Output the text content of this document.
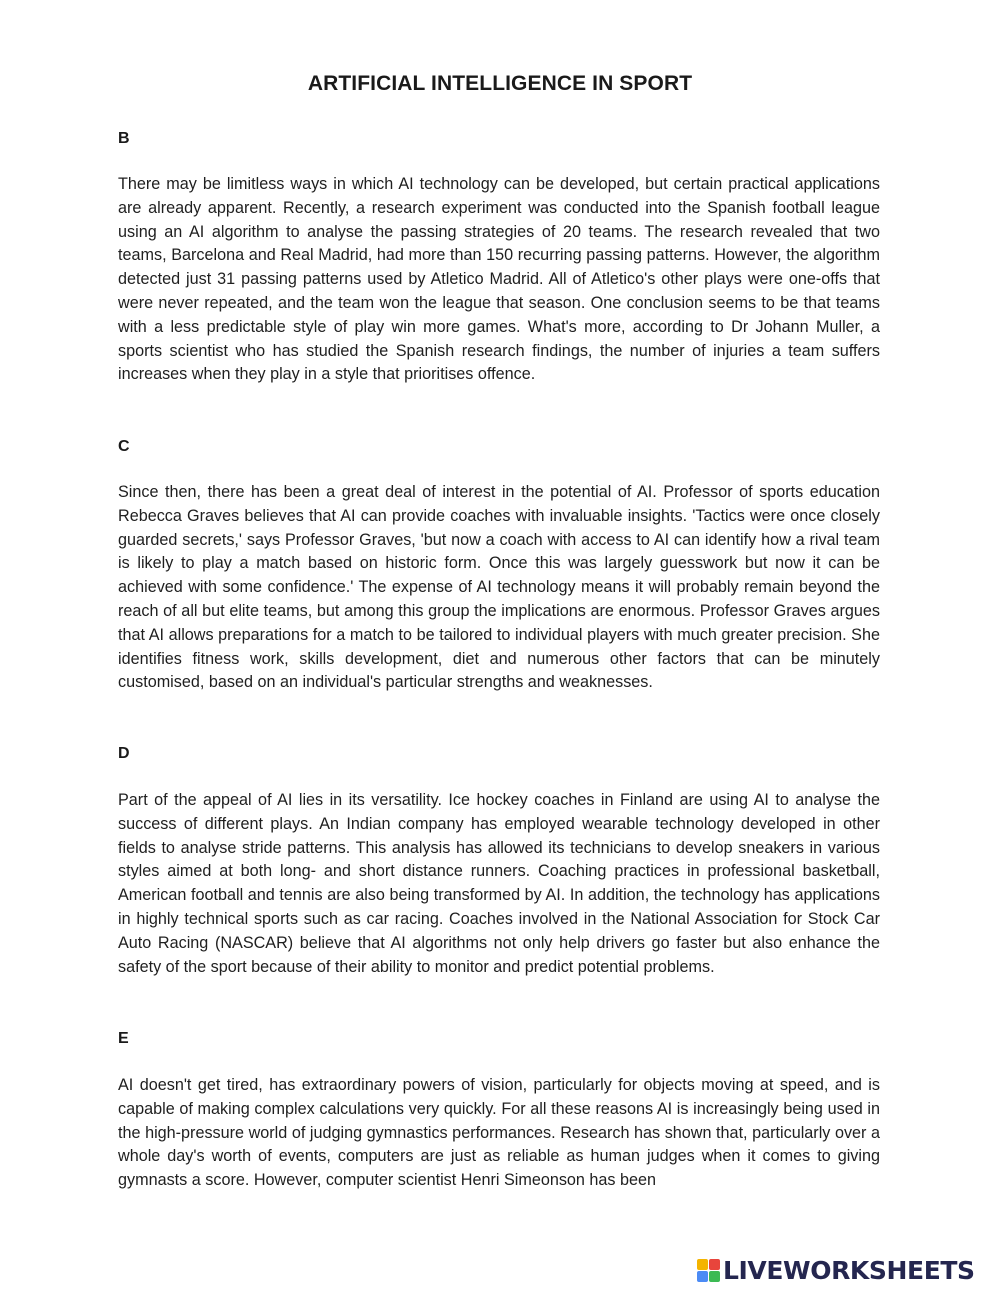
ARTIFICIAL INTELLIGENCE IN SPORT
B

There may be limitless ways in which AI technology can be developed, but certain practical applications are already apparent. Recently, a research experiment was conducted into the Spanish football league using an AI algorithm to analyse the passing strategies of 20 teams. The research revealed that two teams, Barcelona and Real Madrid, had more than 150 recurring passing patterns. However, the algorithm detected just 31 passing patterns used by Atletico Madrid. All of Atletico's other plays were one-offs that were never repeated, and the team won the league that season. One conclusion seems to be that teams with a less predictable style of play win more games. What's more, according to Dr Johann Muller, a sports scientist who has studied the Spanish research findings, the number of injuries a team suffers increases when they play in a style that prioritises offence.

C

Since then, there has been a great deal of interest in the potential of AI. Professor of sports education Rebecca Graves believes that AI can provide coaches with invaluable insights. 'Tactics were once closely guarded secrets,' says Professor Graves, 'but now a coach with access to AI can identify how a rival team is likely to play a match based on historic form. Once this was largely guesswork but now it can be achieved with some confidence.' The expense of AI technology means it will probably remain beyond the reach of all but elite teams, but among this group the implications are enormous. Professor Graves argues that AI allows preparations for a match to be tailored to individual players with much greater precision. She identifies fitness work, skills development, diet and numerous other factors that can be minutely customised, based on an individual's particular strengths and weaknesses.

D

Part of the appeal of AI lies in its versatility. Ice hockey coaches in Finland are using AI to analyse the success of different plays. An Indian company has employed wearable technology developed in other fields to analyse stride patterns. This analysis has allowed its technicians to develop sneakers in various styles aimed at both long- and short distance runners. Coaching practices in professional basketball, American football and tennis are also being transformed by AI. In addition, the technology has applications in highly technical sports such as car racing. Coaches involved in the National Association for Stock Car Auto Racing (NASCAR) believe that AI algorithms not only help drivers go faster but also enhance the safety of the sport because of their ability to monitor and predict potential problems.

E

AI doesn't get tired, has extraordinary powers of vision, particularly for objects moving at speed, and is capable of making complex calculations very quickly. For all these reasons AI is increasingly being used in the high-pressure world of judging gymnastics performances. Research has shown that, particularly over a whole day's worth of events, computers are just as reliable as human judges when it comes to giving gymnasts a score. However, computer scientist Henri Simeonson has been

LIVEWORKSHEETS
